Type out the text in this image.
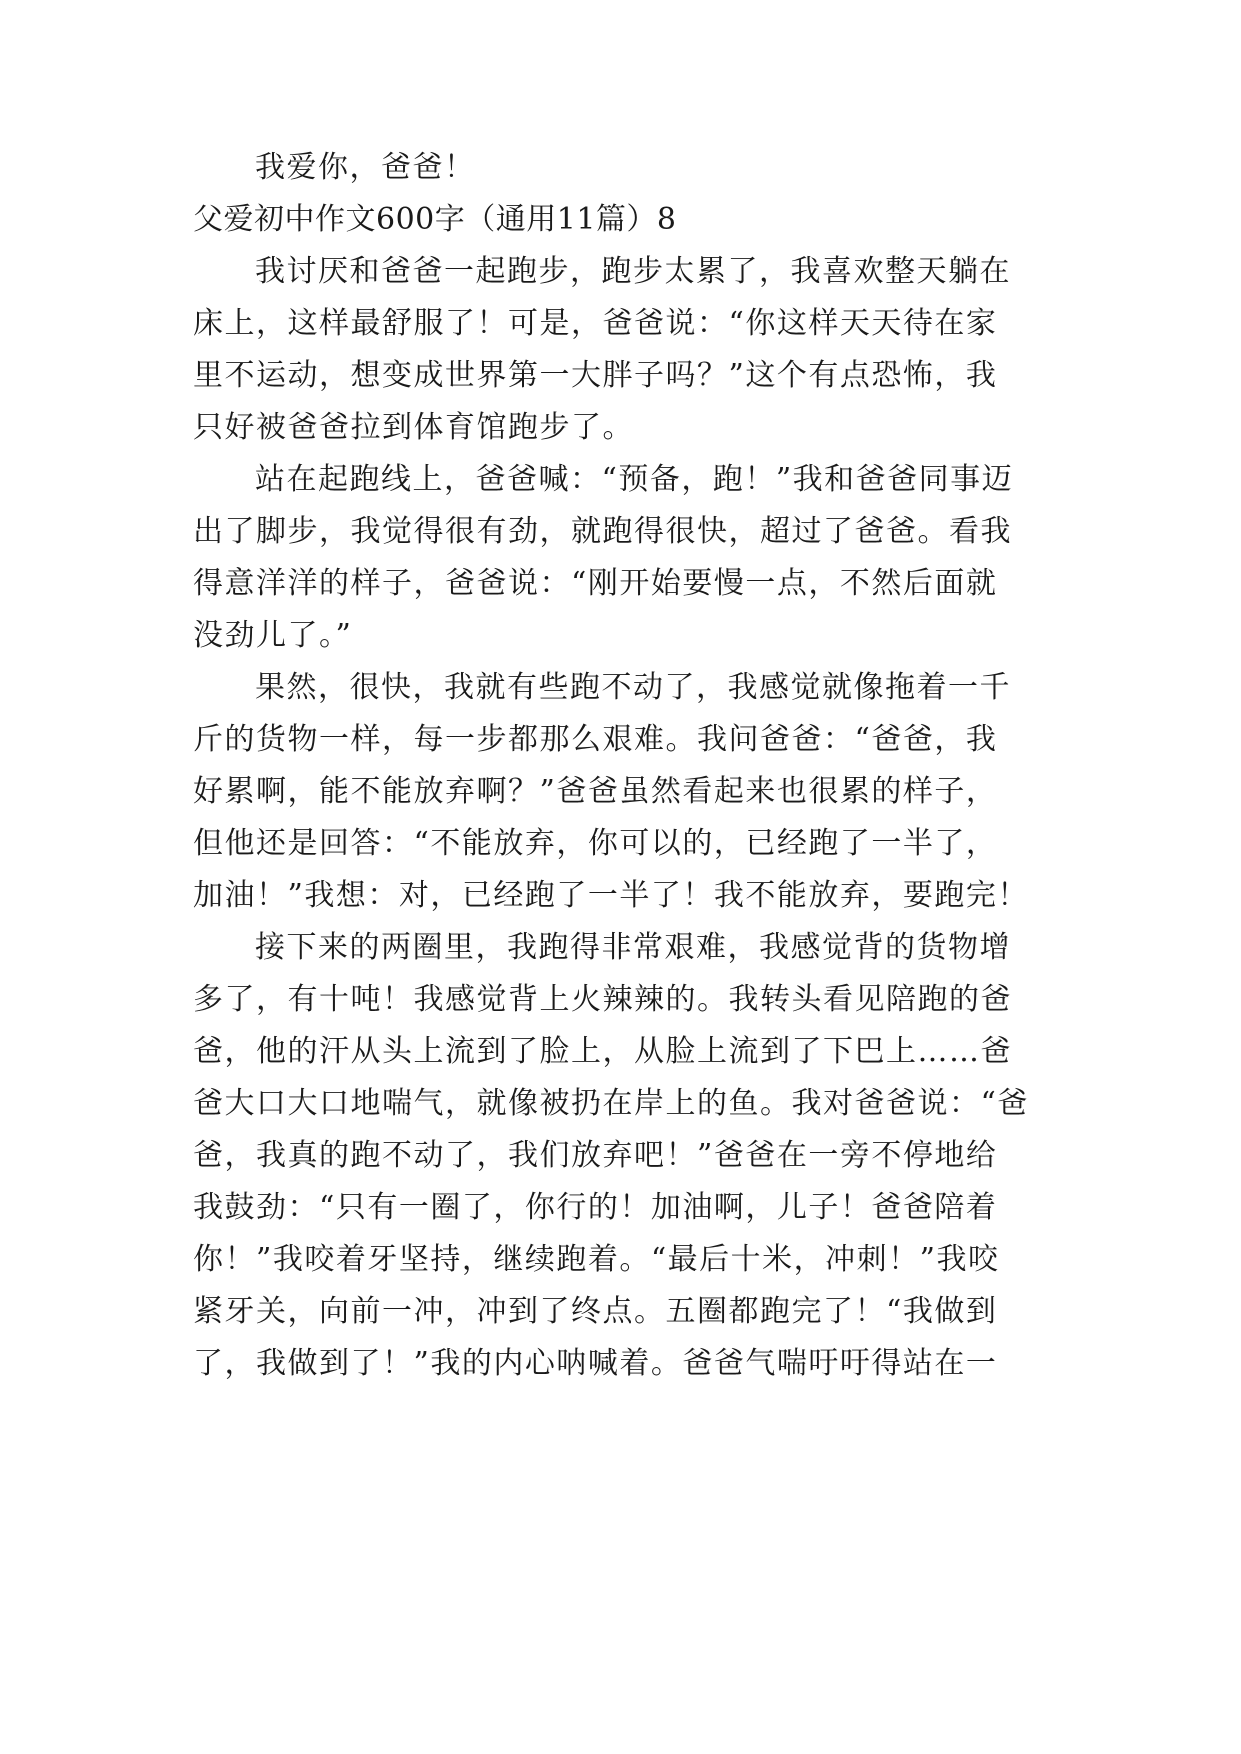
我爱你，爸爸！
父爱初中作文600字（通用11篇）8
我讨厌和爸爸一起跑步，跑步太累了，我喜欢整天躺在
床上，这样最舒服了！可是，爸爸说：“你这样天天待在家
里不运动，想变成世界第一大胖子吗？”这个有点恐怖，我
只好被爸爸拉到体育馆跑步了。
站在起跑线上，爸爸喊：“预备，跑！”我和爸爸同事迈
出了脚步，我觉得很有劲，就跑得很快，超过了爸爸。看我
得意洋洋的样子，爸爸说：“刚开始要慢一点，不然后面就
没劲儿了。”
果然，很快，我就有些跑不动了，我感觉就像拖着一千
斤的货物一样，每一步都那么艰难。我问爸爸：“爸爸，我
好累啊，能不能放弃啊？”爸爸虽然看起来也很累的样子，
但他还是回答：“不能放弃，你可以的，已经跑了一半了，
加油！”我想：对，已经跑了一半了！我不能放弃，要跑完！
接下来的两圈里，我跑得非常艰难，我感觉背的货物增
多了，有十吨！我感觉背上火辣辣的。我转头看见陪跑的爸
爸，他的汗从头上流到了脸上，从脸上流到了下巴上……爸
爸大口大口地喘气，就像被扔在岸上的鱼。我对爸爸说：“爸
爸，我真的跑不动了，我们放弃吧！”爸爸在一旁不停地给
我鼓劲：“只有一圈了，你行的！加油啊，儿子！爸爸陪着
你！”我咬着牙坚持，继续跑着。“最后十米，冲刺！”我咬
紧牙关，向前一冲，冲到了终点。五圈都跑完了！“我做到
了，我做到了！”我的内心呐喊着。爸爸气喘吁吁得站在一
